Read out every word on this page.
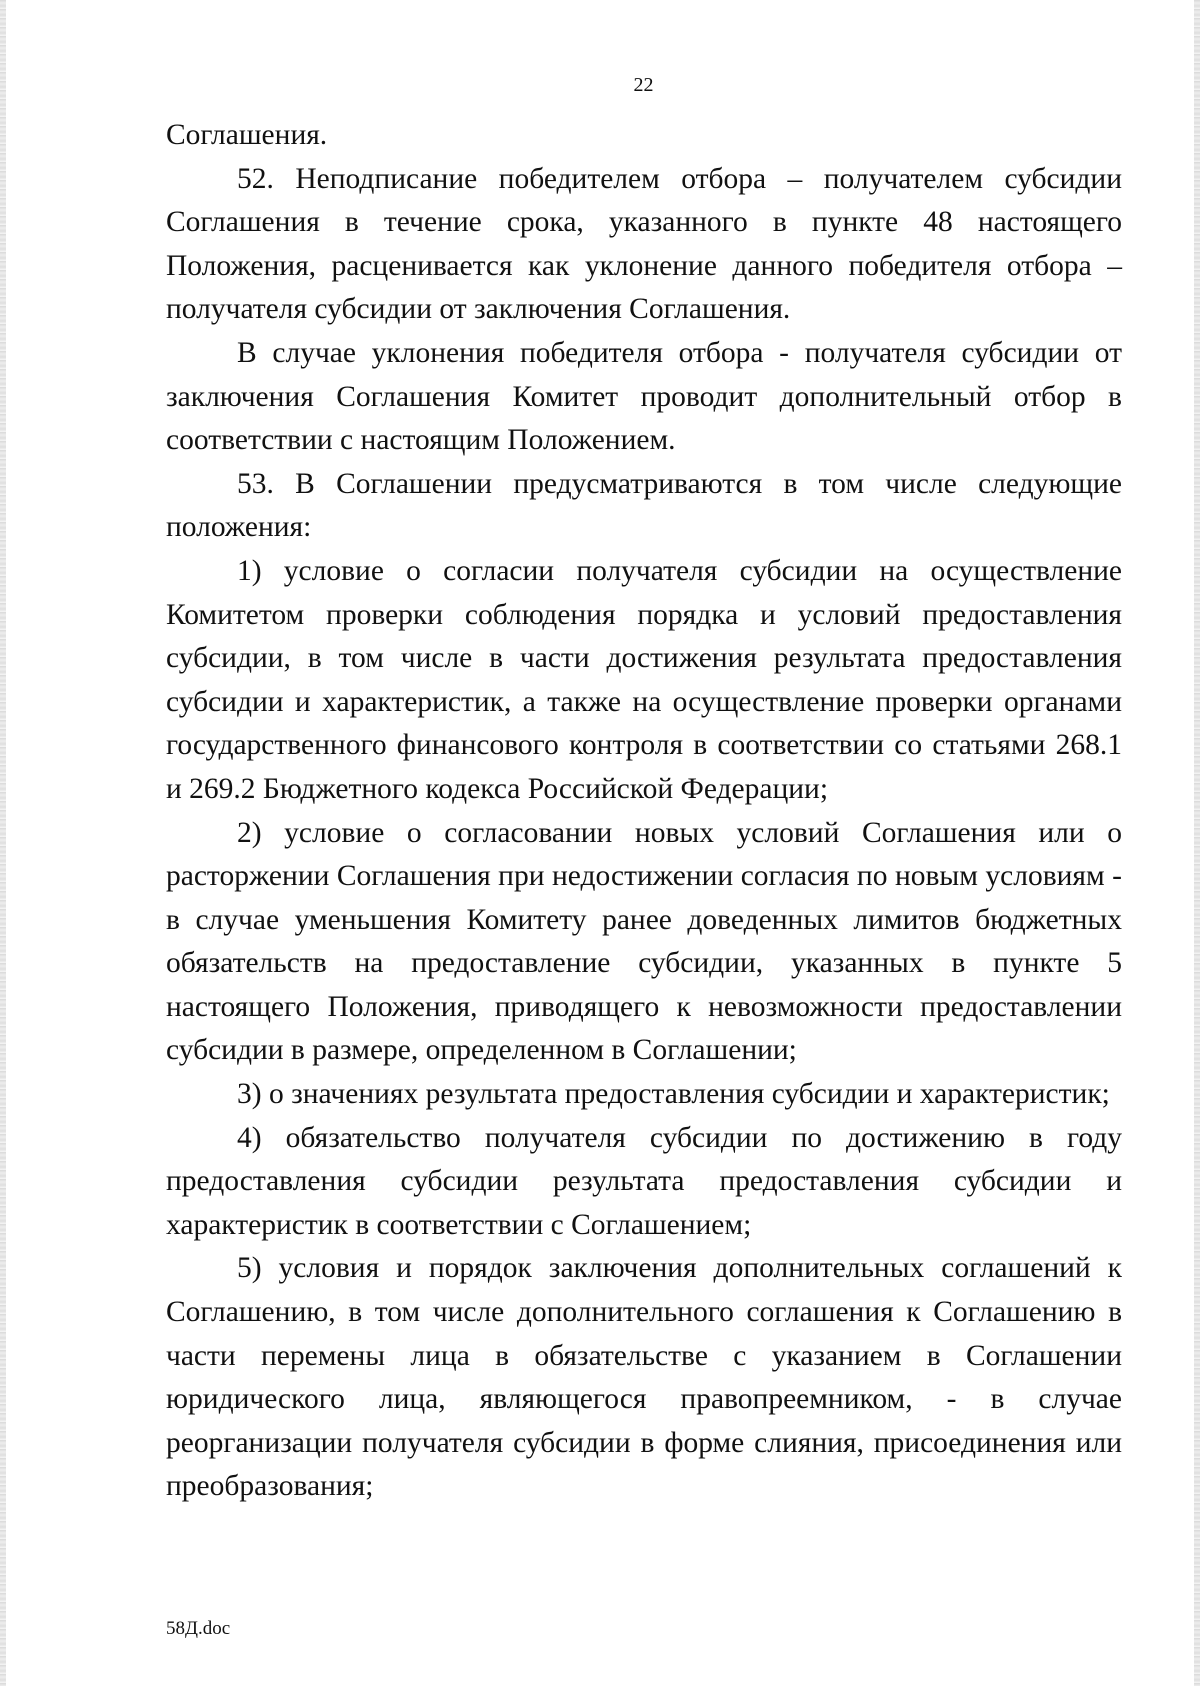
22

Соглашения.

52. Неподписание победителем отбора – получателем субсидии Соглашения в течение срока, указанного в пункте 48 настоящего Положения, расценивается как уклонение данного победителя отбора – получателя субсидии от заключения Соглашения.

В случае уклонения победителя отбора - получателя субсидии от заключения Соглашения Комитет проводит дополнительный отбор в соответствии с настоящим Положением.

53. В Соглашении предусматриваются в том числе следующие положения:

1) условие о согласии получателя субсидии на осуществление Комитетом проверки соблюдения порядка и условий предоставления субсидии, в том числе в части достижения результата предоставления субсидии и характеристик, а также на осуществление проверки органами государственного финансового контроля в соответствии со статьями 268.1 и 269.2 Бюджетного кодекса Российской Федерации;

2) условие о согласовании новых условий Соглашения или о расторжении Соглашения при недостижении согласия по новым условиям - в случае уменьшения Комитету ранее доведенных лимитов бюджетных обязательств на предоставление субсидии, указанных в пункте 5 настоящего Положения, приводящего к невозможности предоставлении субсидии в размере, определенном в Соглашении;

3) о значениях результата предоставления субсидии и характеристик;

4) обязательство получателя субсидии по достижению в году предоставления субсидии результата предоставления субсидии и характеристик в соответствии с Соглашением;

5) условия и порядок заключения дополнительных соглашений к Соглашению, в том числе дополнительного соглашения к Соглашению в части перемены лица в обязательстве с указанием в Соглашении юридического лица, являющегося правопреемником, - в случае реорганизации получателя субсидии в форме слияния, присоединения или преобразования;

58Д.doc
